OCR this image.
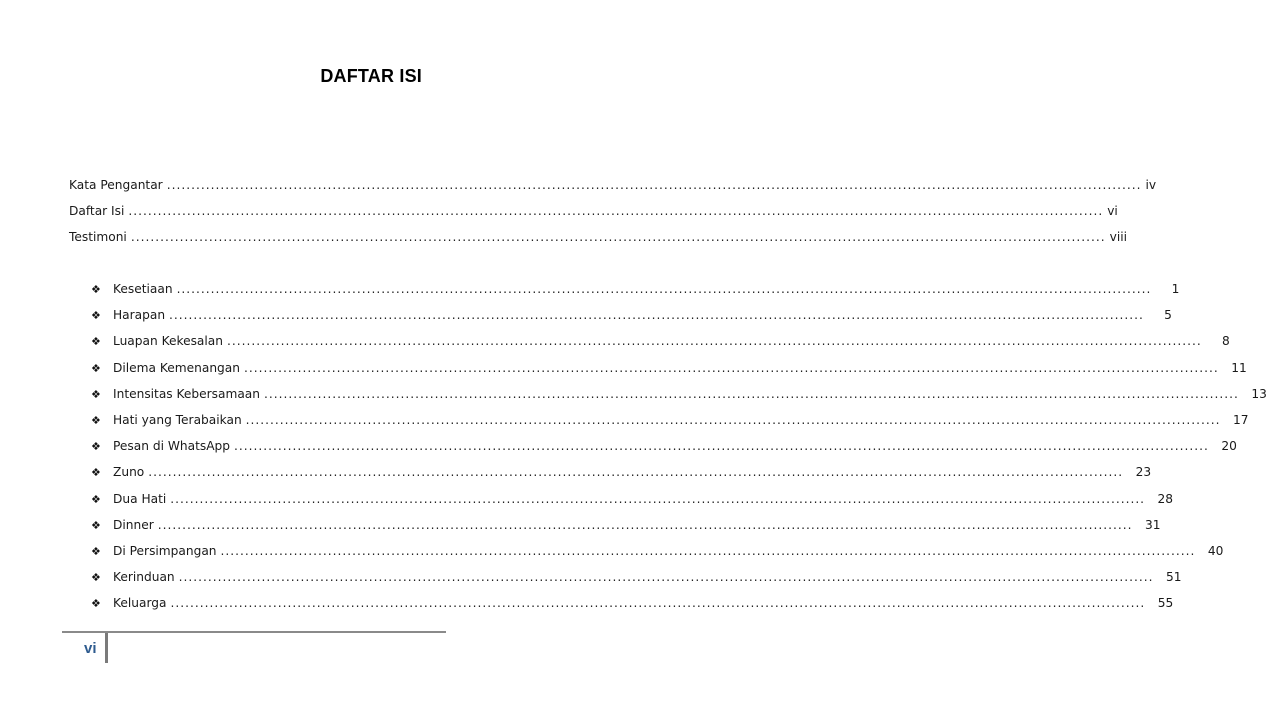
DAFTAR ISI
Kata Pengantar ........................................................................................................................................................................................................ iv
Daftar Isi ........................................................................................................................................................................................................ vi
Testimoni ........................................................................................................................................................................................................ viii
❖ Kesetiaan ........................................................................................................................................................................................................	1
❖ Harapan ........................................................................................................................................................................................................	5
❖ Luapan Kekesalan ........................................................................................................................................................................................................	8
❖ Dilema Kemenangan ........................................................................................................................................................................................................	11
❖ Intensitas Kebersamaan ........................................................................................................................................................................................................	13
❖ Hati yang Terabaikan ........................................................................................................................................................................................................	17
❖ Pesan di WhatsApp ........................................................................................................................................................................................................	20
❖ Zuno ........................................................................................................................................................................................................	23
❖ Dua Hati ........................................................................................................................................................................................................	28
❖ Dinner ........................................................................................................................................................................................................	31
❖ Di Persimpangan ........................................................................................................................................................................................................	40
❖ Kerinduan ........................................................................................................................................................................................................	51
❖ Keluarga ........................................................................................................................................................................................................	55
vi
